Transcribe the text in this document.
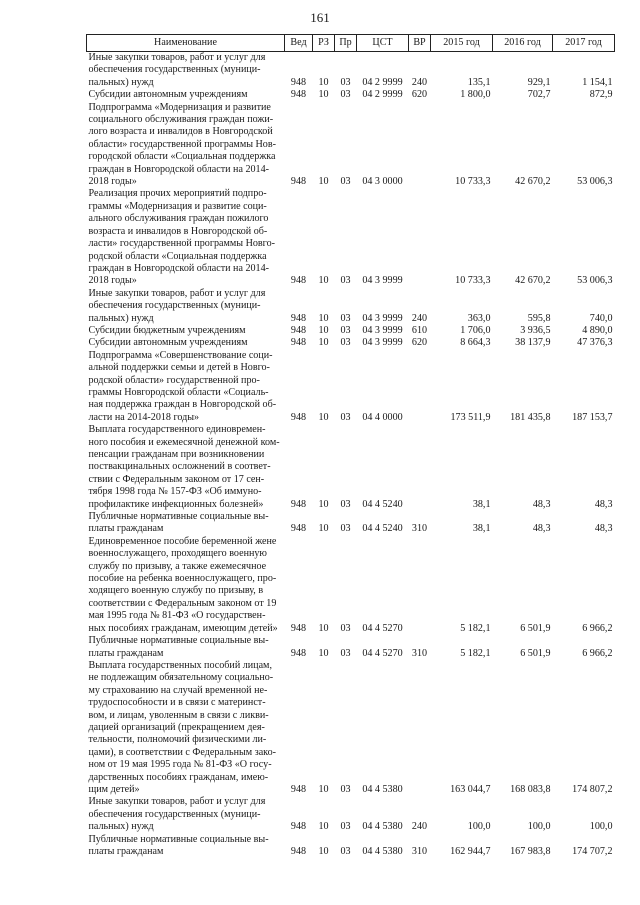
161
Наименование	Вед	РЗ	Пр	ЦСТ	ВР	2015 год	2016 год	2017 год
Иные закупки товаров, работ и услуг для обеспечения государственных (муници-пальных) нужд	948	10	03	04 2 9999	240	135,1	929,1	1 154,1
Субсидии автономным учреждениям	948	10	03	04 2 9999	620	1 800,0	702,7	872,9
Подпрограмма «Модернизация и развитие социального обслуживания граждан пожи-лого возраста и инвалидов в Новгородской области» государственной программы Нов-городской области «Социальная поддержка граждан в Новгородской области на 2014-2018 годы»	948	10	03	04 3 0000		10 733,3	42 670,2	53 006,3
Реализация прочих мероприятий подпро-граммы «Модернизация и развитие соци-ального обслуживания граждан пожилого возраста и инвалидов в Новгородской об-ласти» государственной программы Новго-родской области «Социальная поддержка граждан в Новгородской области на 2014-2018 годы»	948	10	03	04 3 9999		10 733,3	42 670,2	53 006,3
Иные закупки товаров, работ и услуг для обеспечения государственных (муници-пальных) нужд	948	10	03	04 3 9999	240	363,0	595,8	740,0
Субсидии бюджетным учреждениям	948	10	03	04 3 9999	610	1 706,0	3 936,5	4 890,0
Субсидии автономным учреждениям	948	10	03	04 3 9999	620	8 664,3	38 137,9	47 376,3
Подпрограмма «Совершенствование соци-альной поддержки семьи и детей в Новго-родской области» государственной про-граммы Новгородской области «Социаль-ная поддержка граждан в Новгородской об-ласти на 2014-2018 годы»	948	10	03	04 4 0000		173 511,9	181 435,8	187 153,7
Выплата государственного единовремен-ного пособия и ежемесячной денежной ком-пенсации гражданам при возникновении поствакцинальных осложнений в соответ-ствии с Федеральным законом от 17 сен-тября 1998 года № 157-ФЗ «Об иммуно-профилактике инфекционных болезней»	948	10	03	04 4 5240		38,1	48,3	48,3
Публичные нормативные социальные вы-платы гражданам	948	10	03	04 4 5240	310	38,1	48,3	48,3
Единовременное пособие беременной жене военнослужащего, проходящего военную службу по призыву, а также ежемесячное пособие на ребенка военнослужащего, про-ходящего военную службу по призыву, в соответствии с Федеральным законом от 19 мая 1995 года № 81-ФЗ «О государствен-ных пособиях гражданам, имеющим детей»	948	10	03	04 4 5270		5 182,1	6 501,9	6 966,2
Публичные нормативные социальные вы-платы гражданам	948	10	03	04 4 5270	310	5 182,1	6 501,9	6 966,2
Выплата государственных пособий лицам, не подлежащим обязательному социально-му страхованию на случай временной не-трудоспособности и в связи с материнст-вом, и лицам, уволенным в связи с ликви-дацией организаций (прекращением дея-тельности, полномочий физическими ли-цами), в соответствии с Федеральным зако-ном от 19 мая 1995 года № 81-ФЗ «О госу-дарственных пособиях гражданам, имею-щим детей»	948	10	03	04 4 5380		163 044,7	168 083,8	174 807,2
Иные закупки товаров, работ и услуг для обеспечения государственных (муници-пальных) нужд	948	10	03	04 4 5380	240	100,0	100,0	100,0
Публичные нормативные социальные вы-платы гражданам	948	10	03	04 4 5380	310	162 944,7	167 983,8	174 707,2
